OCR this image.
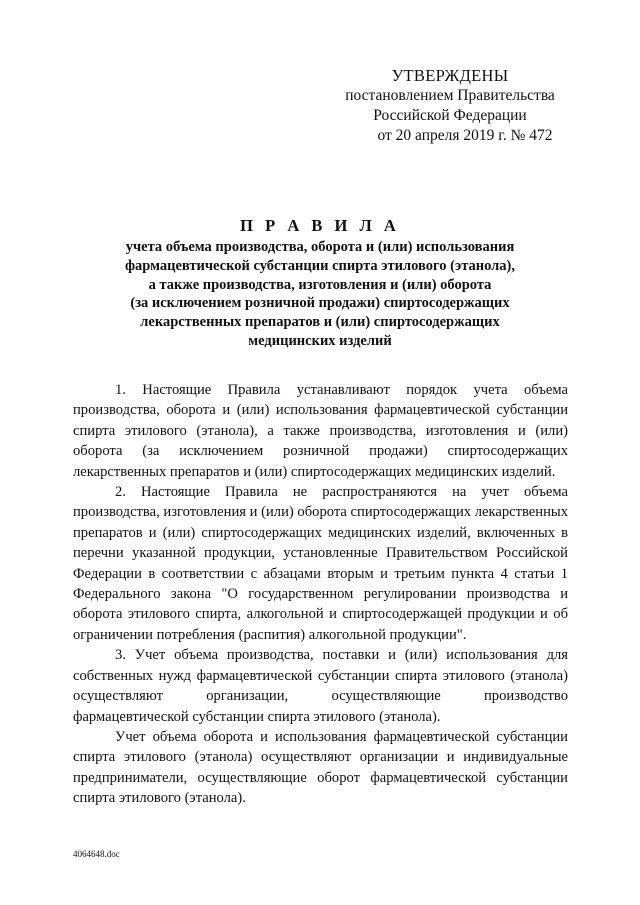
УТВЕРЖДЕНЫ
постановлением Правительства
Российской Федерации
от 20 апреля 2019 г. № 472
П Р А В И Л А
учета объема производства, оборота и (или) использования
фармацевтической субстанции спирта этилового (этанола),
а также производства, изготовления и (или) оборота
(за исключением розничной продажи) спиртосодержащих
лекарственных препаратов и (или) спиртосодержащих
медицинских изделий

1. Настоящие Правила устанавливают порядок учета объема производства, оборота и (или) использования фармацевтической субстанции спирта этилового (этанола), а также производства, изготовления и (или) оборота (за исключением розничной продажи) спиртосодержащих лекарственных препаратов и (или) спиртосодержащих медицинских изделий.

2. Настоящие Правила не распространяются на учет объема производства, изготовления и (или) оборота спиртосодержащих лекарственных препаратов и (или) спиртосодержащих медицинских изделий, включенных в перечни указанной продукции, установленные Правительством Российской Федерации в соответствии с абзацами вторым и третьим пункта 4 статьи 1 Федерального закона "О государственном регулировании производства и оборота этилового спирта, алкогольной и спиртосодержащей продукции и об ограничении потребления (распития) алкогольной продукции".

3. Учет объема производства, поставки и (или) использования для собственных нужд фармацевтической субстанции спирта этилового (этанола) осуществляют организации, осуществляющие производство фармацевтической субстанции спирта этилового (этанола).

Учет объема оборота и использования фармацевтической субстанции спирта этилового (этанола) осуществляют организации и индивидуальные предприниматели, осуществляющие оборот фармацевтической субстанции спирта этилового (этанола).

4064648.doc
